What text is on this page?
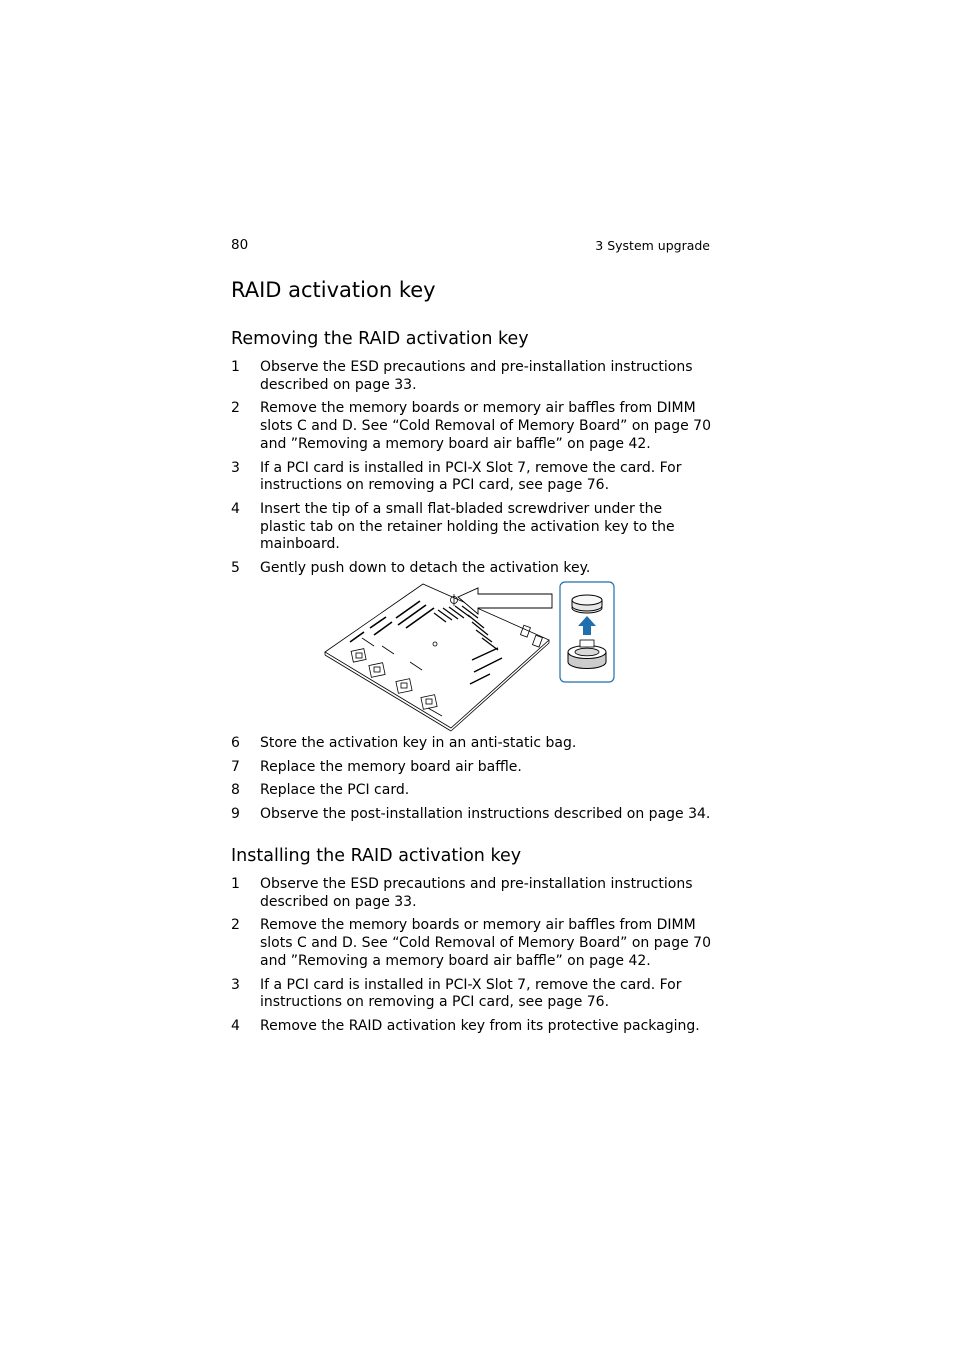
80	3 System upgrade
RAID activation key
Removing the RAID activation key
1	Observe the ESD precautions and pre-installation instructions described on page 33.
2	Remove the memory boards or memory air baffles from DIMM slots C and D. See “Cold Removal of Memory Board” on page 70 and ”Removing a memory board air baffle” on page 42.
3	If a PCI card is installed in PCI-X Slot 7, remove the card. For instructions on removing a PCI card, see page 76.
4	Insert the tip of a small flat-bladed screwdriver under the plastic tab on the retainer holding the activation key to the mainboard.
5	Gently push down to detach the activation key.
6	Store the activation key in an anti-static bag.
7	Replace the memory board air baffle.
8	Replace the PCI card.
9	Observe the post-installation instructions described on page 34.
Installing the RAID activation key
1	Observe the ESD precautions and pre-installation instructions described on page 33.
2	Remove the memory boards or memory air baffles from DIMM slots C and D. See “Cold Removal of Memory Board” on page 70 and ”Removing a memory board air baffle” on page 42.
3	If a PCI card is installed in PCI-X Slot 7, remove the card. For instructions on removing a PCI card, see page 76.
4	Remove the RAID activation key from its protective packaging.
